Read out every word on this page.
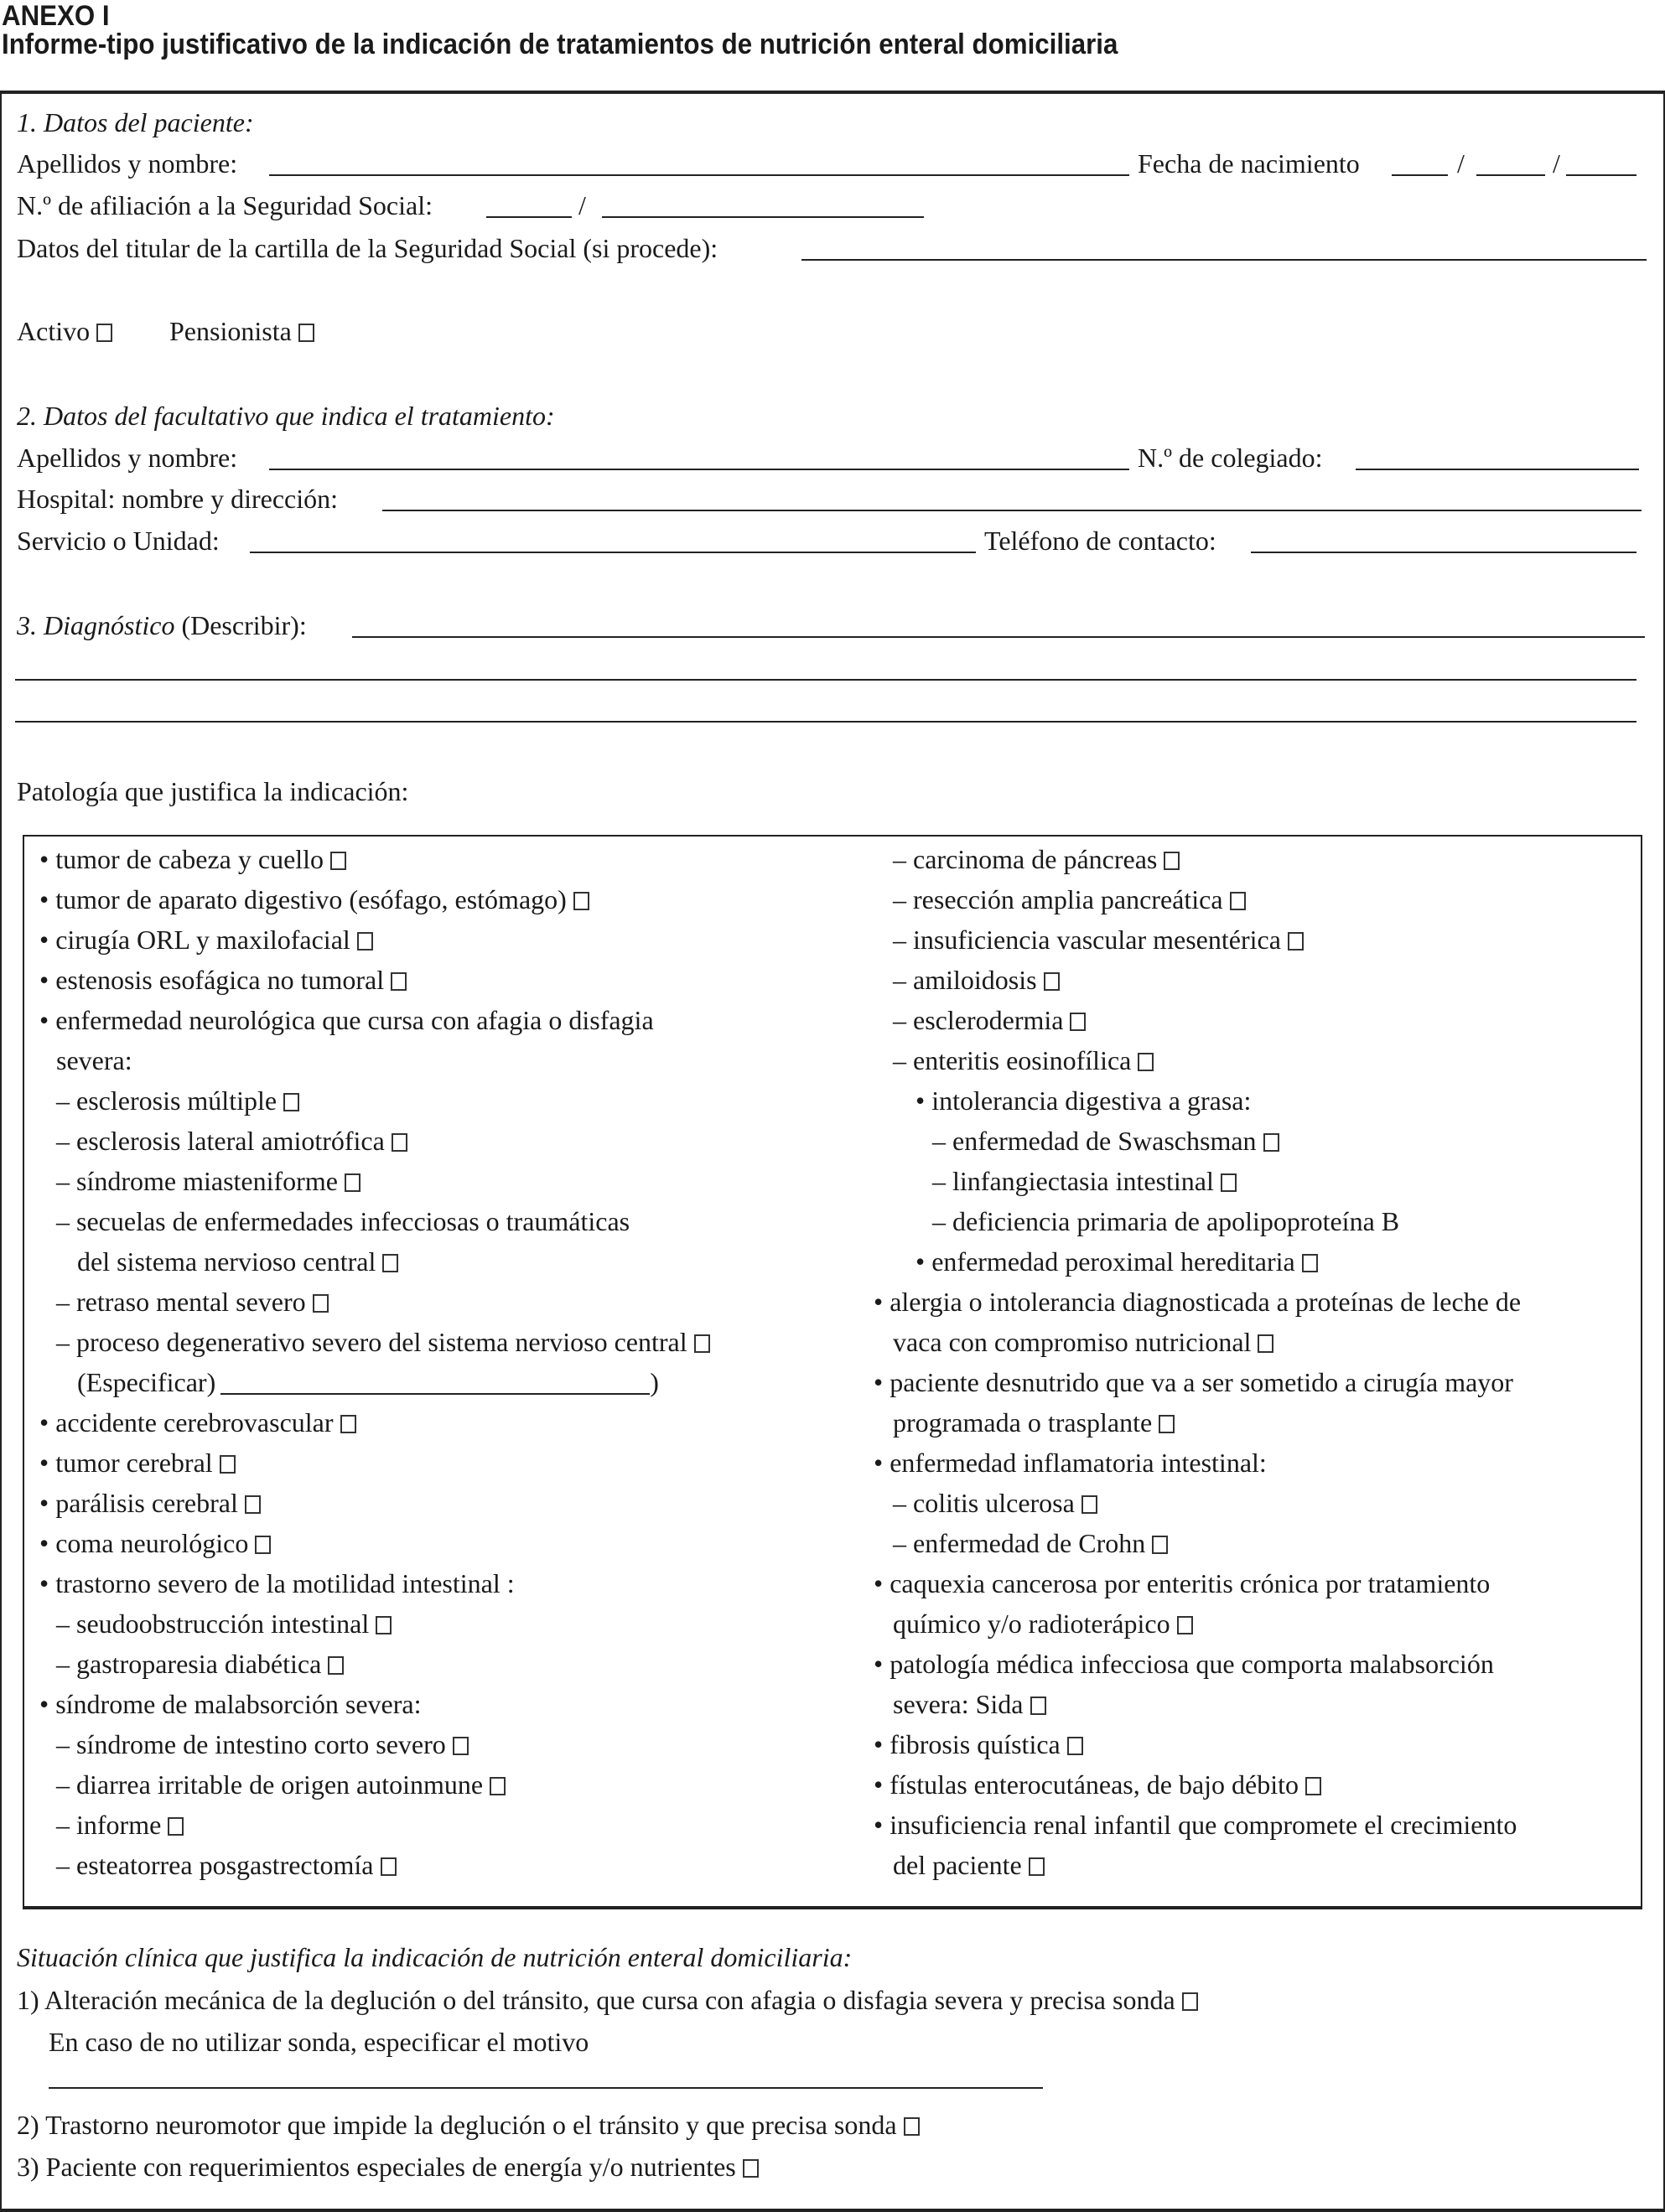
ANEXO I
Informe-tipo justificativo de la indicación de tratamientos de nutrición enteral domiciliaria
1. Datos del paciente:
Apellidos y nombre:	Fecha de nacimiento	/	/
N.º de afiliación a la Seguridad Social:	/
Datos del titular de la cartilla de la Seguridad Social (si procede):
Activo	Pensionista
2. Datos del facultativo que indica el tratamiento:
Apellidos y nombre:	N.º de colegiado:
Hospital: nombre y dirección:
Servicio o Unidad:	Teléfono de contacto:
3. Diagnóstico (Describir):
Patología que justifica la indicación:
• tumor de cabeza y cuello
• tumor de aparato digestivo (esófago, estómago)
• cirugía ORL y maxilofacial
• estenosis esofágica no tumoral
• enfermedad neurológica que cursa con afagia o disfagia
severa:
– esclerosis múltiple
– esclerosis lateral amiotrófica
– síndrome miasteniforme
– secuelas de enfermedades infecciosas o traumáticas
del sistema nervioso central
– retraso mental severo
– proceso degenerativo severo del sistema nervioso central
(Especificar)	)
• accidente cerebrovascular
• tumor cerebral
• parálisis cerebral
• coma neurológico
• trastorno severo de la motilidad intestinal :
– seudoobstrucción intestinal
– gastroparesia diabética
• síndrome de malabsorción severa:
– síndrome de intestino corto severo
– diarrea irritable de origen autoinmune
– informe
– esteatorrea posgastrectomía
– carcinoma de páncreas
– resección amplia pancreática
– insuficiencia vascular mesentérica
– amiloidosis
– esclerodermia
– enteritis eosinofílica
• intolerancia digestiva a grasa:
– enfermedad de Swaschsman
– linfangiectasia intestinal
– deficiencia primaria de apolipoproteína B
• enfermedad peroximal hereditaria
• alergia o intolerancia diagnosticada a proteínas de leche de
vaca con compromiso nutricional
• paciente desnutrido que va a ser sometido a cirugía mayor
programada o trasplante
• enfermedad inflamatoria intestinal:
– colitis ulcerosa
– enfermedad de Crohn
• caquexia cancerosa por enteritis crónica por tratamiento
químico y/o radioterápico
• patología médica infecciosa que comporta malabsorción
severa: Sida
• fibrosis quística
• fístulas enterocutáneas, de bajo débito
• insuficiencia renal infantil que compromete el crecimiento
del paciente
Situación clínica que justifica la indicación de nutrición enteral domiciliaria:
1) Alteración mecánica de la deglución o del tránsito, que cursa con afagia o disfagia severa y precisa sonda
En caso de no utilizar sonda, especificar el motivo
2) Trastorno neuromotor que impide la deglución o el tránsito y que precisa sonda
3) Paciente con requerimientos especiales de energía y/o nutrientes
